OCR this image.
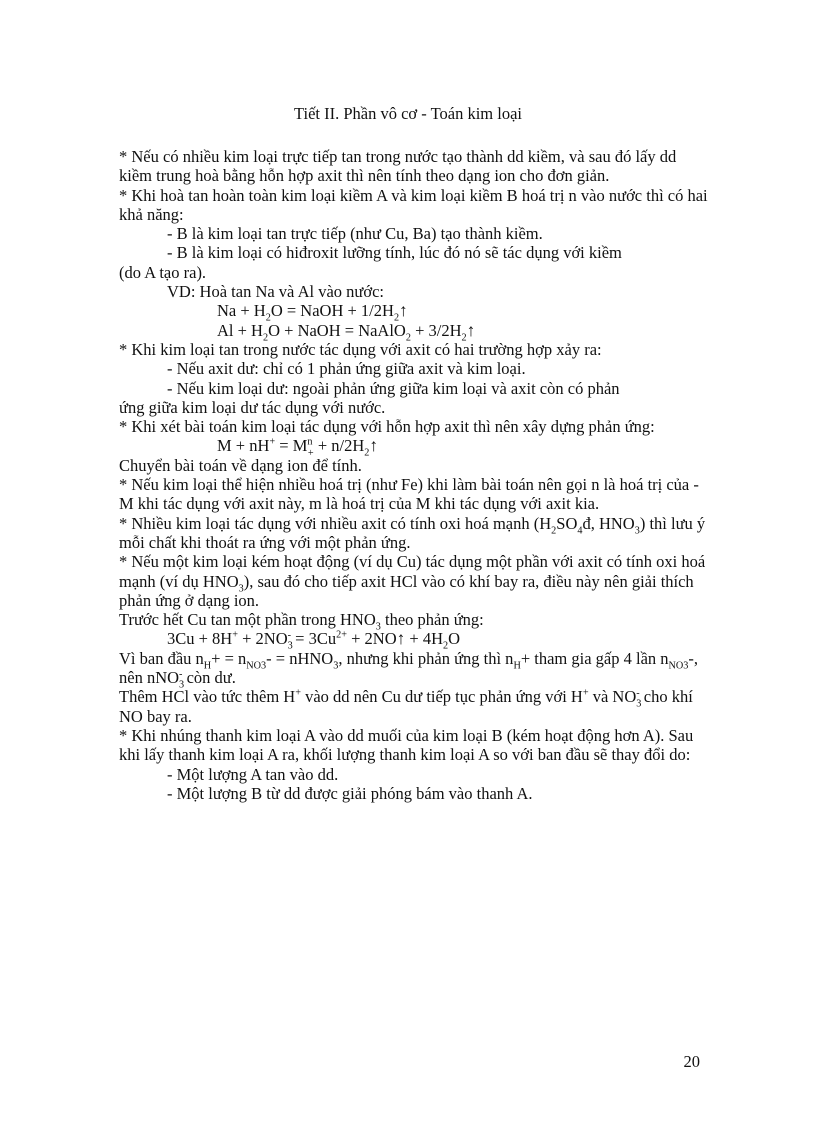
Tiết II. Phần vô cơ - Toán kim loại

* Nếu có nhiều kim loại trực tiếp tan trong nước tạo thành dd kiềm, và sau đó lấy dd kiềm trung hoà bằng hỗn hợp axit thì nên tính theo dạng ion cho đơn giản.

* Khi hoà tan hoàn toàn kim loại kiềm A và kim loại kiềm B hoá trị n vào nước thì có hai khả năng:

- B là kim loại tan trực tiếp (như Cu, Ba) tạo thành kiềm.

- B là kim loại có hiđroxit lưỡng tính, lúc đó nó sẽ tác dụng với kiềm

(do A tạo ra).

VD: Hoà tan Na và Al vào nước:

$Na + H_2O$ = NaOH + $1/2H_2↑$

$Al + H_2O$ + NaOH = NaAlO$_2$ + $3/2H_2↑$

* Khi kim loại tan trong nước tác dụng với axit có hai trường hợp xảy ra:

- Nếu axit dư: chỉ có 1 phản ứng giữa axit và kim loại.

- Nếu kim loại dư: ngoài phản ứng giữa kim loại và axit còn có phản

ứng giữa kim loại dư tác dụng với nước.

* Khi xét bài toán kim loại tác dụng với hỗn hợp axit thì nên xây dựng phản ứng:

$M + nH^+ = M^n_+$ + $n/2H_2↑$

Chuyển bài toán về dạng ion để tính.

* Nếu kim loại thể hiện nhiều hoá trị (như Fe) khi làm bài toán nên gọi n là hoá trị của -M khi tác dụng với axit này, m là hoá trị của M khi tác dụng với axit kia.

* Nhiều kim loại tác dụng với nhiều axit có tính oxi hoá mạnh ($H_2SO_4đ$, $HNO_3$) thì lưu ý mỗi chất khi thoát ra ứng với một phản ứng.

* Nếu một kim loại kém hoạt động (ví dụ Cu) tác dụng một phần với axit có tính oxi hoá mạnh (ví dụ $HNO_3$), sau đó cho tiếp axit HCl vào có khí bay ra, điều này nên giải thích phản ứng ở dạng ion.

Trước hết Cu tan một phần trong $HNO_3$ theo phản ứng:

$3Cu + 8H^+ + 2NO_3^- = 3Cu^{2+}$ + 2NO↑ + $4H_2O$

Vì ban đầu $n_H+ = n_{NO3}-$ = nHNO$_3$, nhưng khi phản ứng thì $n_H+$ tham gia gấp 4 lần $n_{NO3}-$, nên nNO$_3$- còn dư.

Thêm HCl vào tức thêm H+ vào dd nên Cu dư tiếp tục phản ứng với H+ và $NO_3^-$ cho khí NO bay ra.

* Khi nhúng thanh kim loại A vào dd muối của kim loại B (kém hoạt động hơn A). Sau khi lấy thanh kim loại A ra, khối lượng thanh kim loại A so với ban đầu sẽ thay đổi do:

- Một lượng A tan vào dd.

- Một lượng B từ dd được giải phóng bám vào thanh A.

20
